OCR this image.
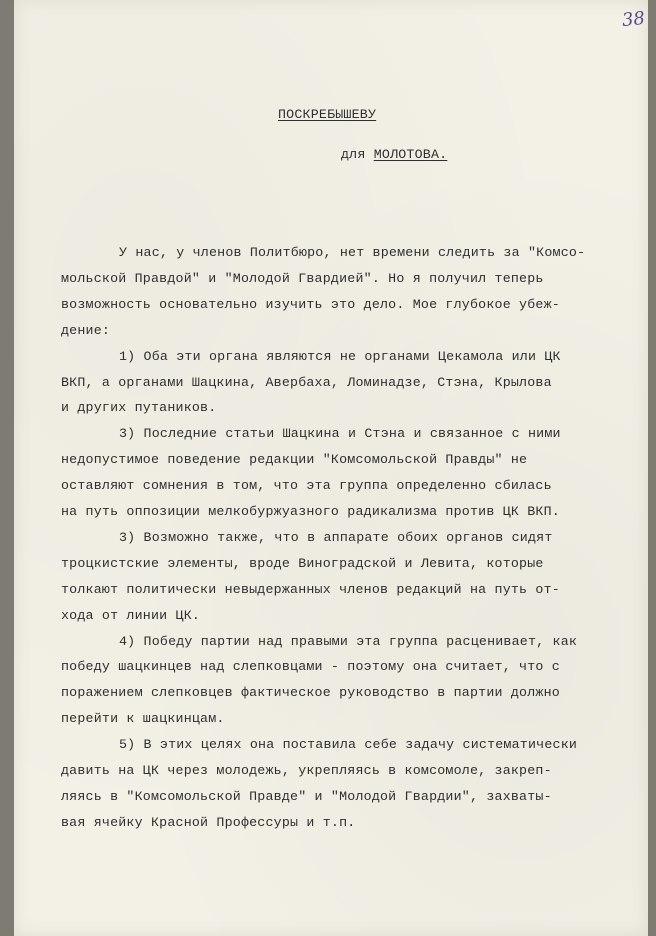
38
ПОСКРЕБЫШЕВУ
для МОЛОТОВА.
У нас, у членов Политбюро, нет времени следить за "Комсо-
мольской Правдой" и "Молодой Гвардией". Но я получил теперь
возможность основательно изучить это дело. Мое глубокое убеж-
дение:
1) Оба эти органа являются не органами Цекамола или ЦК
ВКП, а органами Шацкина, Авербаха, Ломинадзе, Стэна, Крылова
и других путаников.
3) Последние статьи Шацкина и Стэна и связанное с ними
недопустимое поведение редакции "Комсомольской Правды" не
оставляют сомнения в том, что эта группа определенно сбилась
на путь оппозиции мелкобуржуазного радикализма против ЦК ВКП.
3) Возможно также, что в аппарате обоих органов сидят
троцкистские элементы, вроде Виноградской и Левита, которые
толкают политически невыдержанных членов редакций на путь от-
хода от линии ЦК.
4) Победу партии над правыми эта группа расценивает, как
победу шацкинцев над слепковцами - поэтому она считает, что с
поражением слепковцев фактическое руководство в партии должно
перейти к шацкинцам.
5) В этих целях она поставила себе задачу систематически
давить на ЦК через молодежь, укрепляясь в комсомоле, закреп-
ляясь в "Комсомольской Правде" и "Молодой Гвардии", захваты-
вая ячейку Красной Профессуры и т.п.
